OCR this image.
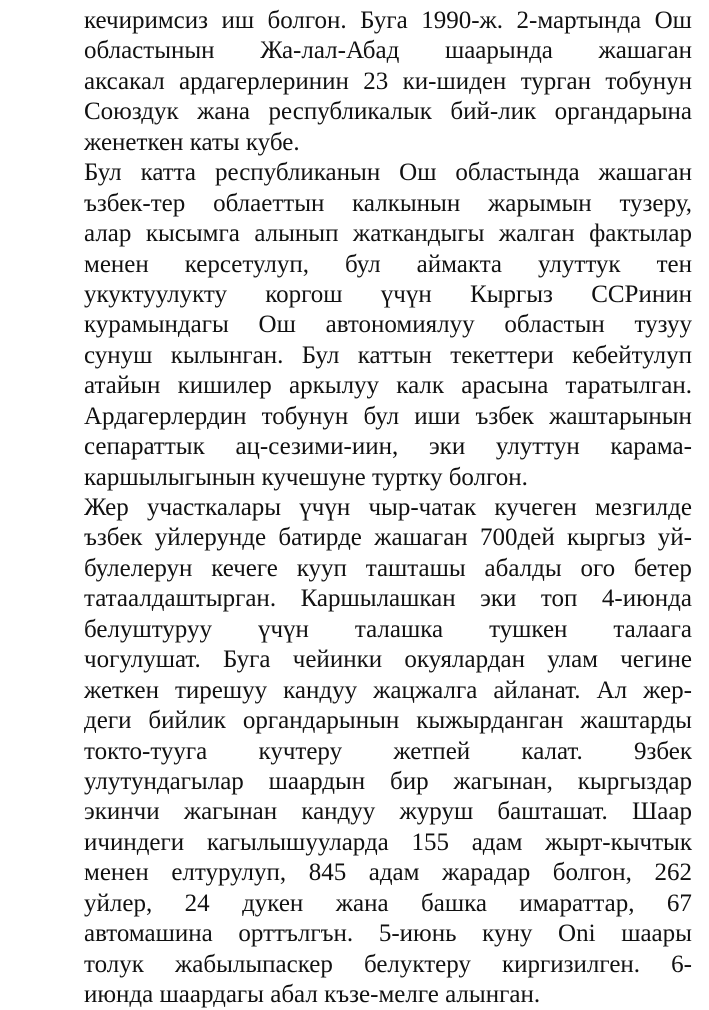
кечиримсиз иш болгон. Буга 1990-ж. 2-мартында Ош
областынын Жа-лал-Абад шаарында жашаган
аксакал ардагерлеринин 23 ки-шиден турган тобунун
Союздук жана республикалык бий-лик органдарына
женеткен каты кубе.
Бул катта республиканын Ош областында жашаган
ъзбек-тер облаеттын калкынын жарымын тузеру,
алар кысымга алынып жаткандыгы жалган фактылар
менен керсетулуп, бул аймакта улуттук тен
укуктуулукту коргош үчүн Кыргыз ССРинин
курамындагы Ош автономиялуу областын тузуу
сунуш кылынган. Бул каттын текеттери кебейтулуп
атайын кишилер аркылуу калк арасына таратылган.
Ардагерлердин тобунун бул иши ъзбек жаштарынын
сепараттык ац-сезими-иин, эки улуттун карама-
каршылыгынын кучешуне туртку болгон.
Жер участкалары үчүн чыр-чатак кучеген мезгилде
ъзбек уйлерунде батирде жашаган 700дей кыргыз уй-
булелерун кечеге кууп ташташы абалды ого бетер
татаалдаштырган. Каршылашкан эки топ 4-июнда
белуштуруу үчүн талашка тушкен талаага
чогулушат. Буга чейинки окуялардан улам чегине
жеткен тирешуу кандуу жацжалга айланат. Ал жер-
деги бийлик органдарынын кыжырданган жаштарды
токто-тууга кучтеру жетпей калат. 9збек
улутундагылар шаардын бир жагынан, кыргыздар
экинчи жагынан кандуу журуш башташат. Шаар
ичиндеги кагылышууларда 155 адам жырт-кычтык
менен елтурулуп, 845 адам жарадар болгон, 262
уйлер, 24 дукен жана башка имараттар, 67
автомашина орттългън. 5-июнь куну Оni шаары
толук жабылыпаскер белуктеру киргизилген. 6-
июнда шаардагы абал къзе-мелге алынган.
